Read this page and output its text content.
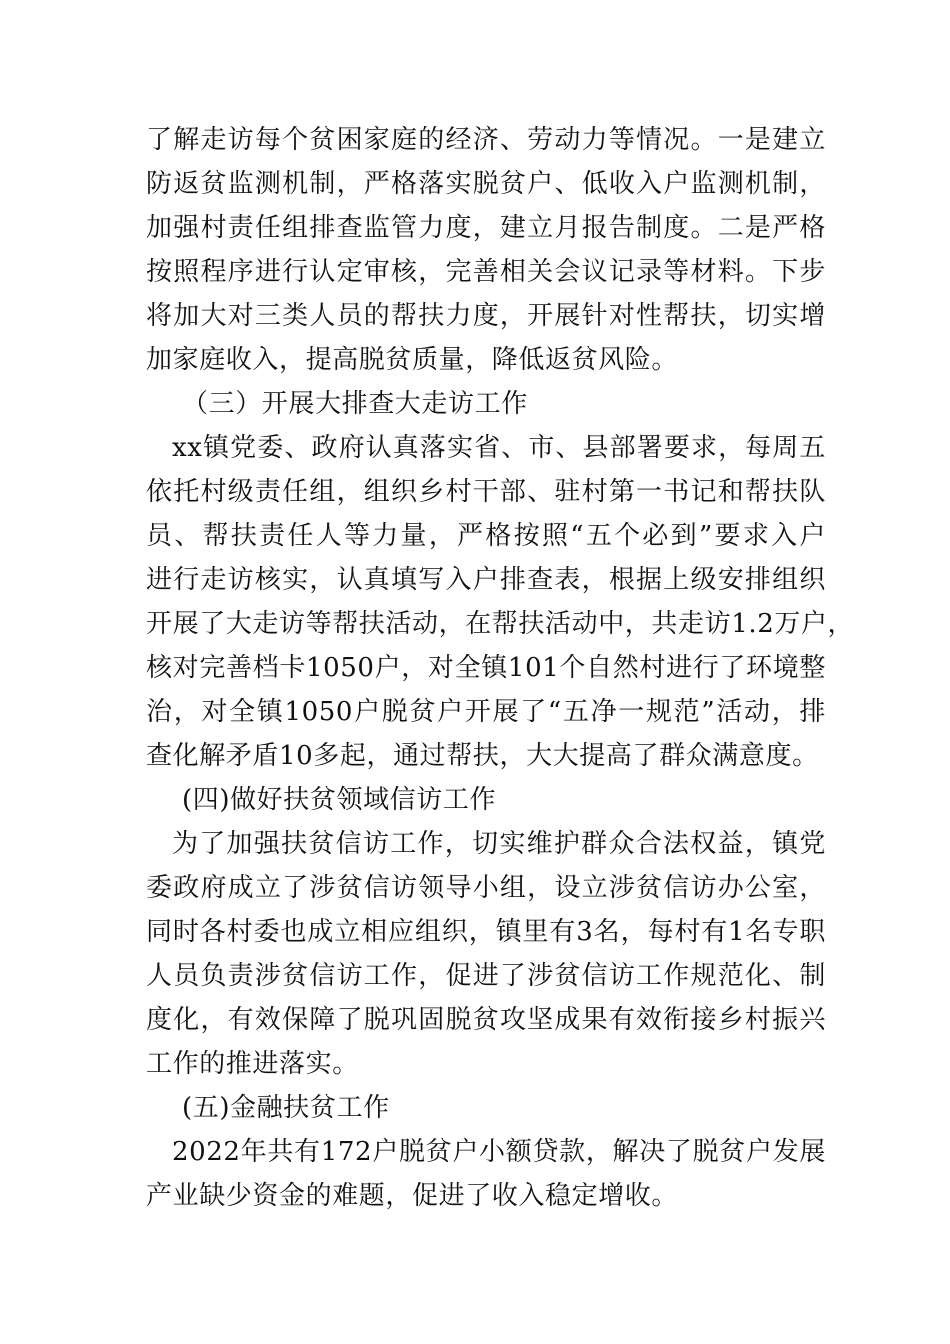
了解走访每个贫困家庭的经济、劳动力等情况。一是建立
防返贫监测机制，严格落实脱贫户、低收入户监测机制，
加强村责任组排查监管力度，建立月报告制度。二是严格
按照程序进行认定审核，完善相关会议记录等材料。下步
将加大对三类人员的帮扶力度，开展针对性帮扶，切实增
加家庭收入，提高脱贫质量，降低返贫风险。
（三）开展大排查大走访工作
xx镇党委、政府认真落实省、市、县部署要求，每周五
依托村级责任组，组织乡村干部、驻村第一书记和帮扶队
员、帮扶责任人等力量，严格按照“五个必到”要求入户
进行走访核实，认真填写入户排查表，根据上级安排组织
开展了大走访等帮扶活动，在帮扶活动中，共走访1.2万户，
核对完善档卡1050户，对全镇101个自然村进行了环境整
治，对全镇1050户脱贫户开展了“五净一规范”活动，排
查化解矛盾10多起，通过帮扶，大大提高了群众满意度。
(四)做好扶贫领域信访工作
为了加强扶贫信访工作，切实维护群众合法权益，镇党
委政府成立了涉贫信访领导小组，设立涉贫信访办公室，
同时各村委也成立相应组织，镇里有3名，每村有1名专职
人员负责涉贫信访工作，促进了涉贫信访工作规范化、制
度化，有效保障了脱巩固脱贫攻坚成果有效衔接乡村振兴
工作的推进落实。
(五)金融扶贫工作
2022年共有172户脱贫户小额贷款，解决了脱贫户发展
产业缺少资金的难题，促进了收入稳定增收。
